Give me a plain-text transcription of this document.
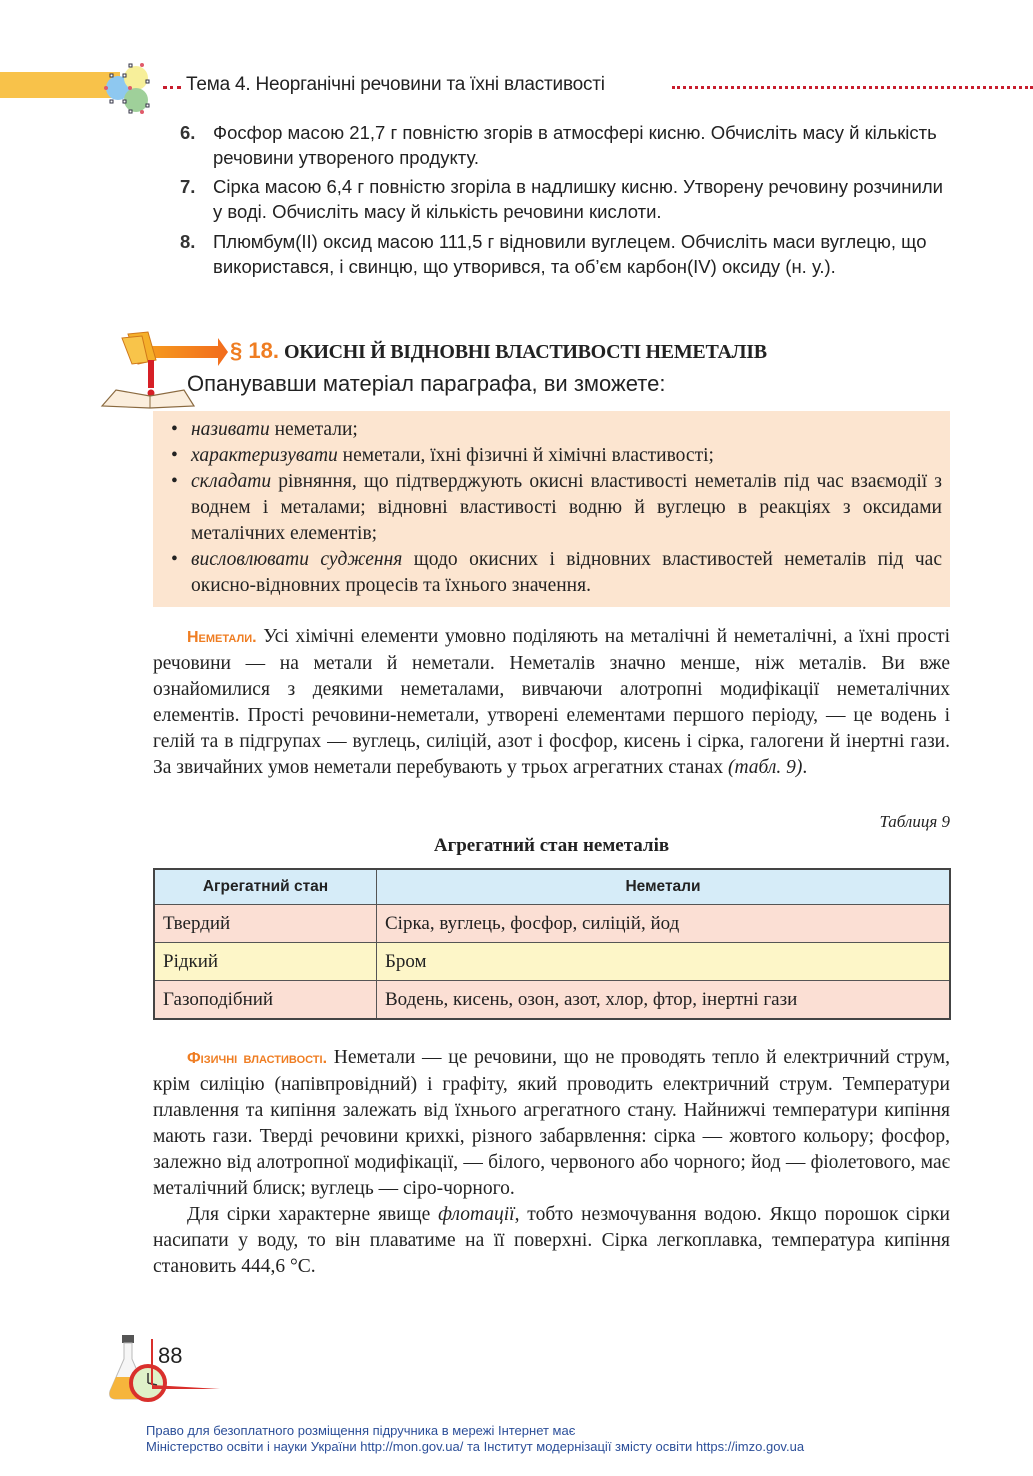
Тема 4. Неорганічні речовини та їхні властивості
6. Фосфор масою 21,7 г повністю згорів в атмосфері кисню. Обчисліть масу й кількість речовини утвореного продукту.
7. Сірка масою 6,4 г повністю згоріла в надлишку кисню. Утворену речовину розчинили у воді. Обчисліть масу й кількість речовини кислоти.
8. Плюмбум(II) оксид масою 111,5 г відновили вуглецем. Обчисліть маси вуглецю, що використався, і свинцю, що утворився, та об’єм карбон(IV) оксиду (н. у.).
§ 18. ОКИСНІ Й ВІДНОВНІ ВЛАСТИВОСТІ НЕМЕТАЛІВ
Опанувавши матеріал параграфа, ви зможете:
• називати неметали;
• характеризувати неметали, їхні фізичні й хімічні властивості;
• складати рівняння, що підтверджують окисні властивості неметалів під час взаємодії з воднем і металами; відновні властивості водню й вуглецю в реакціях з оксидами металічних елементів;
• висловлювати судження щодо окисних і відновних властивостей неметалів під час окисно-відновних процесів та їхнього значення.

Неметали. Усі хімічні елементи умовно поділяють на металічні й неметалічні, а їхні прості речовини — на метали й неметали. Неметалів значно менше, ніж металів. Ви вже ознайомилися з деякими неметалами, вивчаючи алотропні модифікації неметалічних елементів. Прості речовини-неметали, утворені елементами першого періоду, — це водень і гелій та в підгрупах — вуглець, силіцій, азот і фосфор, кисень і сірка, галогени й інертні гази. За звичайних умов неметали перебувають у трьох агрегатних станах (табл. 9).

Таблиця 9
Агрегатний стан неметалів
Агрегатний стан	Неметали
Твердий	Сірка, вуглець, фосфор, силіцій, йод
Рідкий	Бром
Газоподібний	Водень, кисень, озон, азот, хлор, фтор, інертні гази

Фізичні властивості. Неметали — це речовини, що не проводять тепло й електричний струм, крім силіцію (напівпровідний) і графіту, який проводить електричний струм. Температури плавлення та кипіння залежать від їхнього агрегатного стану. Найнижчі температури кипіння мають гази. Тверді речовини крихкі, різного забарвлення: сірка — жовтого кольору; фосфор, залежно від алотропної модифікації, — білого, червоного або чорного; йод — фіолетового, має металічний блиск; вуглець — сіро-чорного.

Для сірки характерне явище флотації, тобто незмочування водою. Якщо порошок сірки насипати у воду, то він плаватиме на її поверхні. Сірка легкоплавка, температура кипіння становить 444,6 °C.

88
Право для безоплатного розміщення підручника в мережі Інтернет має
Міністерство освіти і науки України http://mon.gov.ua/ та Інститут модернізації змісту освіти https://imzo.gov.ua
